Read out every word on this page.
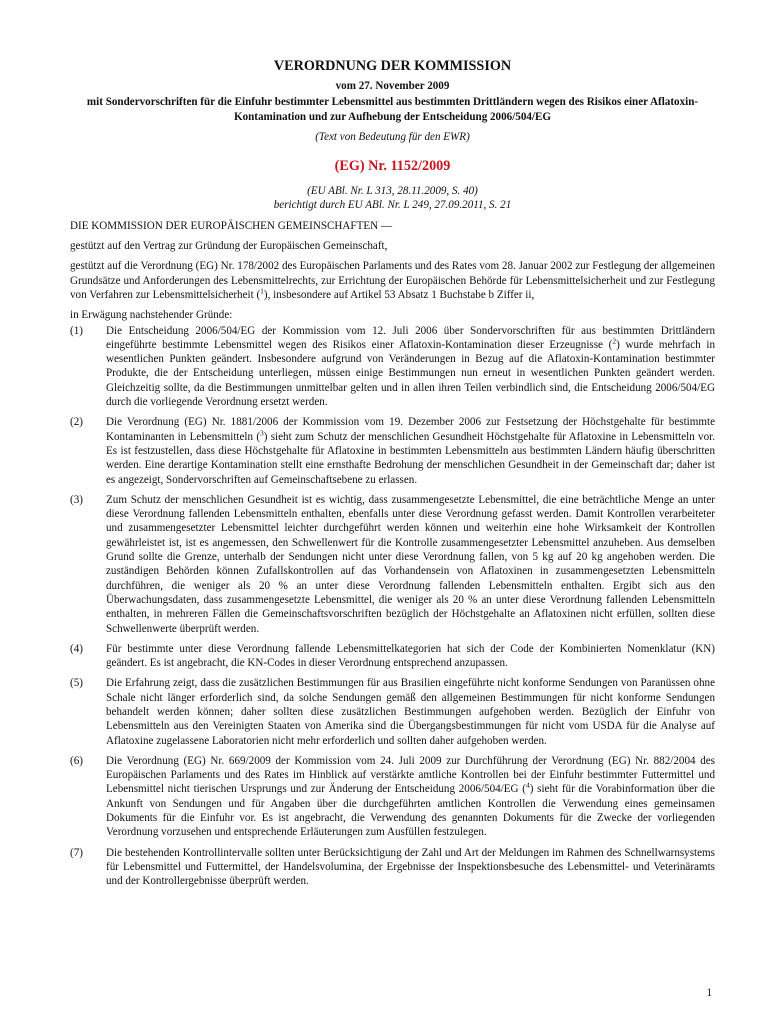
VERORDNUNG DER KOMMISSION

vom 27. November 2009

mit Sondervorschriften für die Einfuhr bestimmter Lebensmittel aus bestimmten Drittländern wegen des Risikos einer Aflatoxin-Kontamination und zur Aufhebung der Entscheidung 2006/504/EG

(Text von Bedeutung für den EWR)

(EG) Nr. 1152/2009

(EU ABl. Nr. L 313, 28.11.2009, S. 40)

berichtigt durch EU ABl. Nr. L 249, 27.09.2011, S. 21

DIE KOMMISSION DER EUROPÄISCHEN GEMEINSCHAFTEN —

gestützt auf den Vertrag zur Gründung der Europäischen Gemeinschaft,

gestützt auf die Verordnung (EG) Nr. 178/2002 des Europäischen Parlaments und des Rates vom 28. Januar 2002 zur Festlegung der allgemeinen Grundsätze und Anforderungen des Lebensmittelrechts, zur Errichtung der Europäischen Behörde für Lebensmittelsicherheit und zur Festlegung von Verfahren zur Lebensmittelsicherheit ($^1$), insbesondere auf Artikel 53 Absatz 1 Buchstabe b Ziffer ii,

in Erwägung nachstehender Gründe:

(1)	Die Entscheidung 2006/504/EG der Kommission vom 12. Juli 2006 über Sondervorschriften für aus bestimmten Drittländern eingeführte bestimmte Lebensmittel wegen des Risikos einer Aflatoxin-Kontamination dieser Erzeugnisse ($^2$) wurde mehrfach in wesentlichen Punkten geändert. Insbesondere aufgrund von Veränderungen in Bezug auf die Aflatoxin-Kontamination bestimmter Produkte, die der Entscheidung unterliegen, müssen einige Bestimmungen nun erneut in wesentlichen Punkten geändert werden. Gleichzeitig sollte, da die Bestimmungen unmittelbar gelten und in allen ihren Teilen verbindlich sind, die Entscheidung 2006/504/EG durch die vorliegende Verordnung ersetzt werden.

(2)	Die Verordnung (EG) Nr. 1881/2006 der Kommission vom 19. Dezember 2006 zur Festsetzung der Höchstgehalte für bestimmte Kontaminanten in Lebensmitteln ($^3$) sieht zum Schutz der menschlichen Gesundheit Höchstgehalte für Aflatoxine in Lebensmitteln vor. Es ist festzustellen, dass diese Höchstgehalte für Aflatoxine in bestimmten Lebensmitteln aus bestimmten Ländern häufig überschritten werden. Eine derartige Kontamination stellt eine ernsthafte Bedrohung der menschlichen Gesundheit in der Gemeinschaft dar; daher ist es angezeigt, Sondervorschriften auf Gemeinschaftsebene zu erlassen.

(3)	Zum Schutz der menschlichen Gesundheit ist es wichtig, dass zusammengesetzte Lebensmittel, die eine beträchtliche Menge an unter diese Verordnung fallenden Lebensmitteln enthalten, ebenfalls unter diese Verordnung gefasst werden. Damit Kontrollen verarbeiteter und zusammengesetzter Lebensmittel leichter durchgeführt werden können und weiterhin eine hohe Wirksamkeit der Kontrollen gewährleistet ist, ist es angemessen, den Schwellenwert für die Kontrolle zusammengesetzter Lebensmittel anzuheben. Aus demselben Grund sollte die Grenze, unterhalb der Sendungen nicht unter diese Verordnung fallen, von 5 kg auf 20 kg angehoben werden. Die zuständigen Behörden können Zufallskontrollen auf das Vorhandensein von Aflatoxinen in zusammengesetzten Lebensmitteln durchführen, die weniger als 20 % an unter diese Verordnung fallenden Lebensmitteln enthalten. Ergibt sich aus den Überwachungsdaten, dass zusammengesetzte Lebensmittel, die weniger als 20 % an unter diese Verordnung fallenden Lebensmitteln enthalten, in mehreren Fällen die Gemeinschaftsvorschriften bezüglich der Höchstgehalte an Aflatoxinen nicht erfüllen, sollten diese Schwellenwerte überprüft werden.

(4)	Für bestimmte unter diese Verordnung fallende Lebensmittelkategorien hat sich der Code der Kombinierten Nomenklatur (KN) geändert. Es ist angebracht, die KN-Codes in dieser Verordnung entsprechend anzupassen.

(5)	Die Erfahrung zeigt, dass die zusätzlichen Bestimmungen für aus Brasilien eingeführte nicht konforme Sendungen von Paranüssen ohne Schale nicht länger erforderlich sind, da solche Sendungen gemäß den allgemeinen Bestimmungen für nicht konforme Sendungen behandelt werden können; daher sollten diese zusätzlichen Bestimmungen aufgehoben werden. Bezüglich der Einfuhr von Lebensmitteln aus den Vereinigten Staaten von Amerika sind die Übergangsbestimmungen für nicht vom USDA für die Analyse auf Aflatoxine zugelassene Laboratorien nicht mehr erforderlich und sollten daher aufgehoben werden.

(6)	Die Verordnung (EG) Nr. 669/2009 der Kommission vom 24. Juli 2009 zur Durchführung der Verordnung (EG) Nr. 882/2004 des Europäischen Parlaments und des Rates im Hinblick auf verstärkte amtliche Kontrollen bei der Einfuhr bestimmter Futtermittel und Lebensmittel nicht tierischen Ursprungs und zur Änderung der Entscheidung 2006/504/EG ($^4$) sieht für die Vorabinformation über die Ankunft von Sendungen und für Angaben über die durchgeführten amtlichen Kontrollen die Verwendung eines gemeinsamen Dokuments für die Einfuhr vor. Es ist angebracht, die Verwendung des genannten Dokuments für die Zwecke der vorliegenden Verordnung vorzusehen und entsprechende Erläuterungen zum Ausfüllen festzulegen.

(7)	Die bestehenden Kontrollintervalle sollten unter Berücksichtigung der Zahl und Art der Meldungen im Rahmen des Schnellwarnsystems für Lebensmittel und Futtermittel, der Handelsvolumina, der Ergebnisse der Inspektionsbesuche des Lebensmittel- und Veterinäramts und der Kontrollergebnisse überprüft werden.

1
